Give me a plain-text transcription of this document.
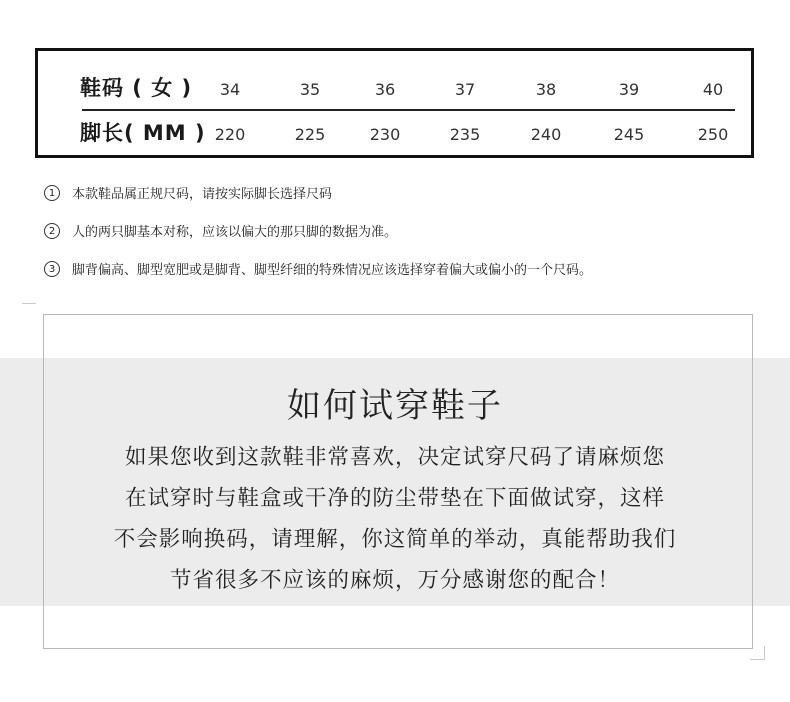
鞋码 ( 女 )	34	35	36	37	38	39	40
脚长( MM ) 220	225	230	235	240	245	250
1 本款鞋品属正规尺码，请按实际脚长选择尺码
2 人的两只脚基本对称，应该以偏大的那只脚的数据为准。
3 脚背偏高、脚型宽肥或是脚背、脚型纤细的特殊情况应该选择穿着偏大或偏小的一个尺码。
如何试穿鞋子
如果您收到这款鞋非常喜欢，决定试穿尺码了请麻烦您
在试穿时与鞋盒或干净的防尘带垫在下面做试穿，这样
不会影响换码，请理解，你这简单的举动，真能帮助我们
节省很多不应该的麻烦，万分感谢您的配合！
